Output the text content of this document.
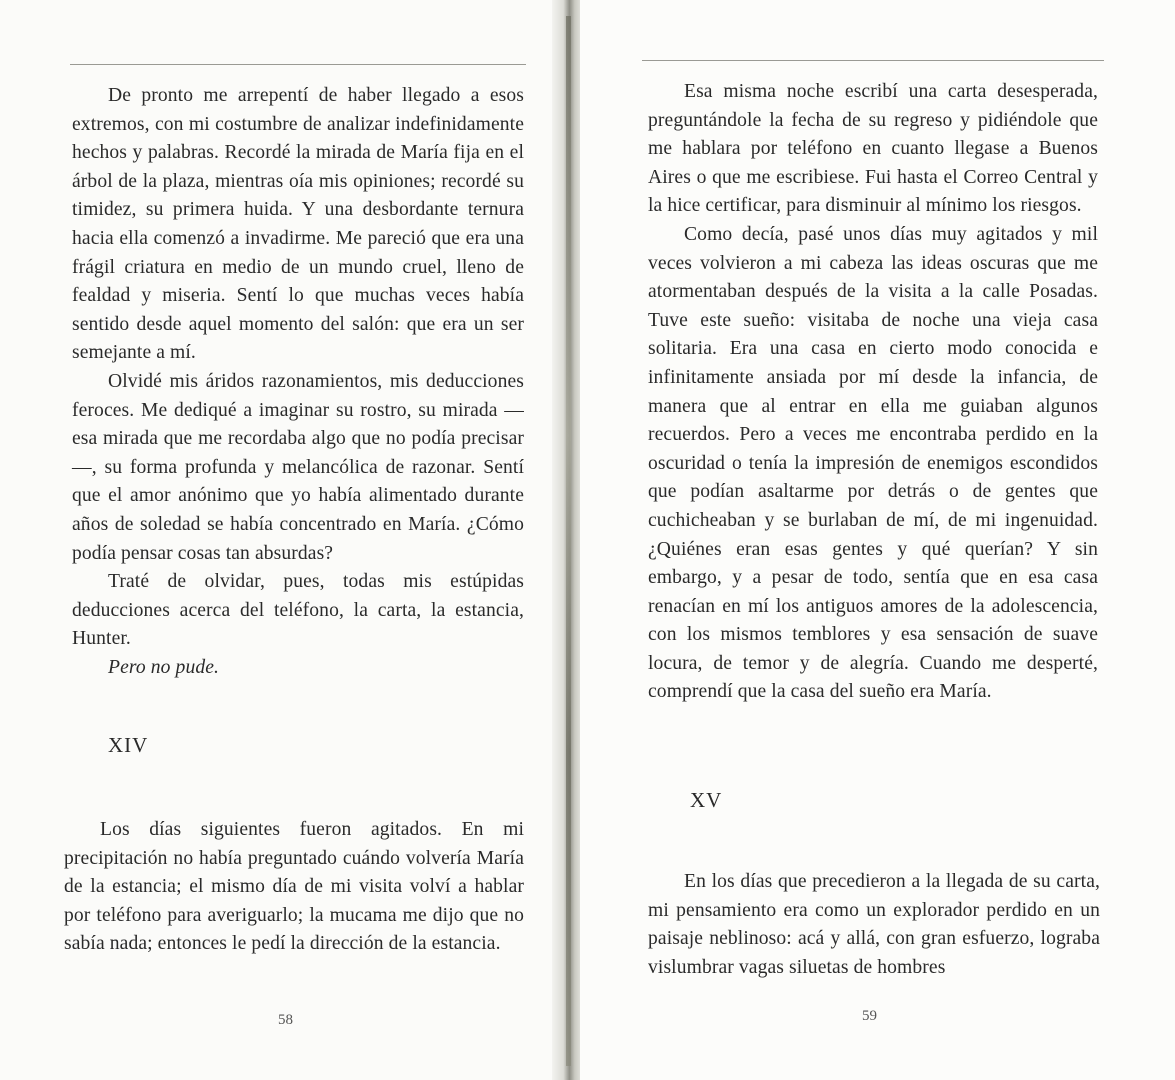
De pronto me arrepentí de haber llegado a esos extremos, con mi costumbre de analizar indefinidamente hechos y palabras. Recordé la mirada de María fija en el árbol de la plaza, mientras oía mis opiniones; recordé su timidez, su primera huida. Y una desbordante ternura hacia ella comenzó a invadirme. Me pareció que era una frágil criatura en medio de un mundo cruel, lleno de fealdad y miseria. Sentí lo que muchas veces había sentido desde aquel momento del salón: que era un ser semejante a mí.

Olvidé mis áridos razonamientos, mis deducciones feroces. Me dediqué a imaginar su rostro, su mirada —esa mirada que me recordaba algo que no podía precisar—, su forma profunda y melancólica de razonar. Sentí que el amor anónimo que yo había alimentado durante años de soledad se había concentrado en María. ¿Cómo podía pensar cosas tan absurdas?

Traté de olvidar, pues, todas mis estúpidas deducciones acerca del teléfono, la carta, la estancia, Hunter.

Pero no pude.

XIV

Los días siguientes fueron agitados. En mi precipitación no había preguntado cuándo volvería María de la estancia; el mismo día de mi visita volví a hablar por teléfono para averiguarlo; la mucama me dijo que no sabía nada; entonces le pedí la dirección de la estancia.

58

Esa misma noche escribí una carta desesperada, preguntándole la fecha de su regreso y pidiéndole que me hablara por teléfono en cuanto llegase a Buenos Aires o que me escribiese. Fui hasta el Correo Central y la hice certificar, para disminuir al mínimo los riesgos.

Como decía, pasé unos días muy agitados y mil veces volvieron a mi cabeza las ideas oscuras que me atormentaban después de la visita a la calle Posadas. Tuve este sueño: visitaba de noche una vieja casa solitaria. Era una casa en cierto modo conocida e infinitamente ansiada por mí desde la infancia, de manera que al entrar en ella me guiaban algunos recuerdos. Pero a veces me encontraba perdido en la oscuridad o tenía la impresión de enemigos escondidos que podían asaltarme por detrás o de gentes que cuchicheaban y se burlaban de mí, de mi ingenuidad. ¿Quiénes eran esas gentes y qué querían? Y sin embargo, y a pesar de todo, sentía que en esa casa renacían en mí los antiguos amores de la adolescencia, con los mismos temblores y esa sensación de suave locura, de temor y de alegría. Cuando me desperté, comprendí que la casa del sueño era María.

XV

En los días que precedieron a la llegada de su carta, mi pensamiento era como un explorador perdido en un paisaje neblinoso: acá y allá, con gran esfuerzo, lograba vislumbrar vagas siluetas de hombres

59
